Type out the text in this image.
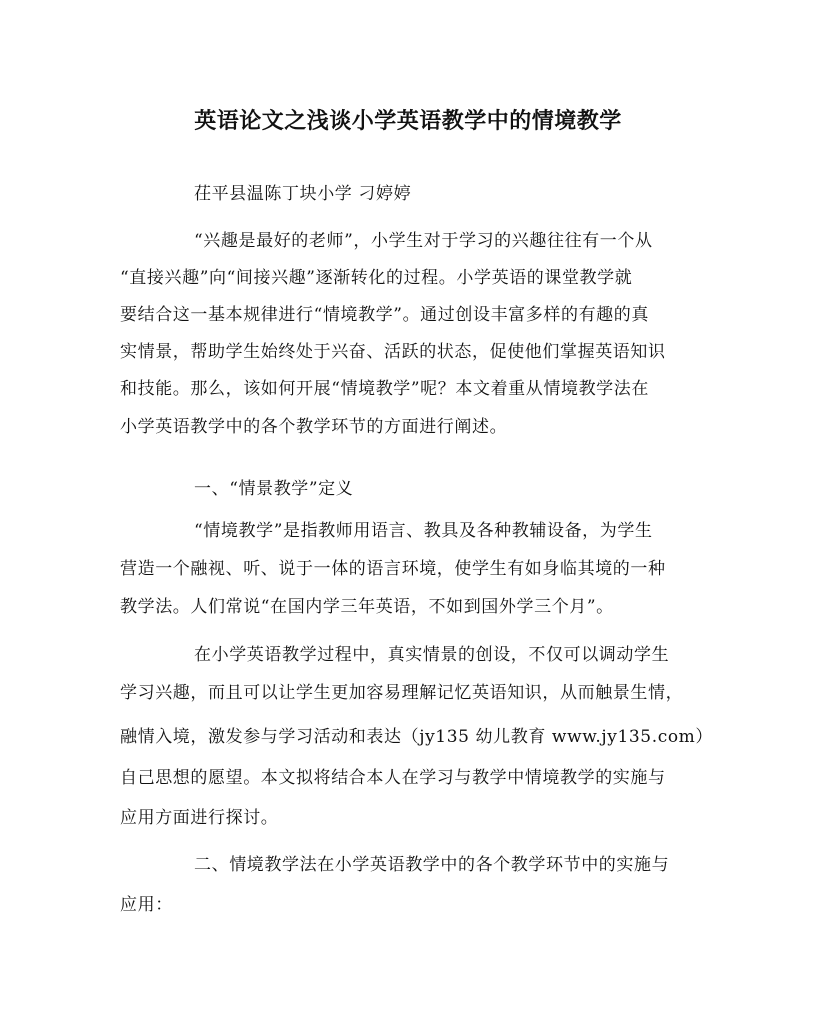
英语论文之浅谈小学英语教学中的情境教学
茌平县温陈丁块小学 刁婷婷
“兴趣是最好的老师”，小学生对于学习的兴趣往往有一个从
“直接兴趣”向“间接兴趣”逐渐转化的过程。小学英语的课堂教学就
要结合这一基本规律进行“情境教学”。通过创设丰富多样的有趣的真
实情景，帮助学生始终处于兴奋、活跃的状态，促使他们掌握英语知识
和技能。那么，该如何开展“情境教学”呢？本文着重从情境教学法在
小学英语教学中的各个教学环节的方面进行阐述。
一、“情景教学”定义
“情境教学”是指教师用语言、教具及各种教辅设备，为学生
营造一个融视、听、说于一体的语言环境，使学生有如身临其境的一种
教学法。人们常说“在国内学三年英语，不如到国外学三个月”。
在小学英语教学过程中，真实情景的创设，不仅可以调动学生
学习兴趣，而且可以让学生更加容易理解记忆英语知识，从而触景生情，
融情入境，激发参与学习活动和表达（jy135 幼儿教育 www.jy135.com）
自己思想的愿望。本文拟将结合本人在学习与教学中情境教学的实施与
应用方面进行探讨。
二、情境教学法在小学英语教学中的各个教学环节中的实施与
应用：
